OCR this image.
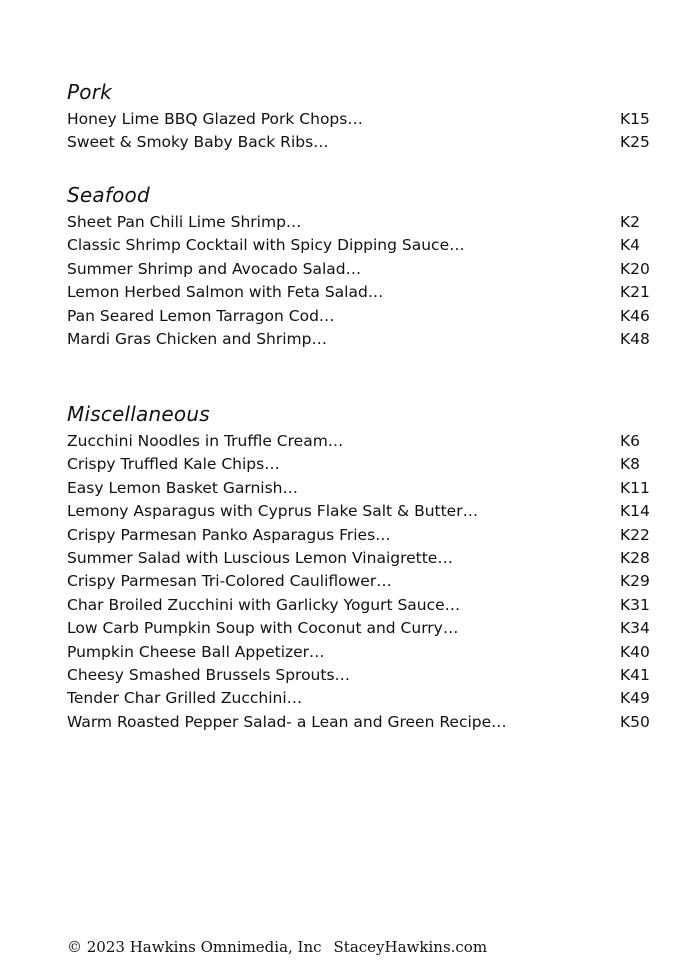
Pork
Honey Lime BBQ Glazed Pork Chops…	K15
Sweet & Smoky Baby Back Ribs…	K25
Seafood
Sheet Pan Chili Lime Shrimp…	K2
Classic Shrimp Cocktail with Spicy Dipping Sauce…	K4
Summer Shrimp and Avocado Salad…	K20
Lemon Herbed Salmon with Feta Salad…	K21
Pan Seared Lemon Tarragon Cod…	K46
Mardi Gras Chicken and Shrimp…	K48
Miscellaneous
Zucchini Noodles in Truffle Cream…	K6
Crispy Truffled Kale Chips…	K8
Easy Lemon Basket Garnish…	K11
Lemony Asparagus with Cyprus Flake Salt & Butter…	K14
Crispy Parmesan Panko Asparagus Fries…	K22
Summer Salad with Luscious Lemon Vinaigrette…	K28
Crispy Parmesan Tri-Colored Cauliflower…	K29
Char Broiled Zucchini with Garlicky Yogurt Sauce…	K31
Low Carb Pumpkin Soup with Coconut and Curry…	K34
Pumpkin Cheese Ball Appetizer…	K40
Cheesy Smashed Brussels Sprouts…	K41
Tender Char Grilled Zucchini…	K49
Warm Roasted Pepper Salad- a Lean and Green Recipe…	K50
© 2023 Hawkins Omnimedia, Inc StaceyHawkins.com
